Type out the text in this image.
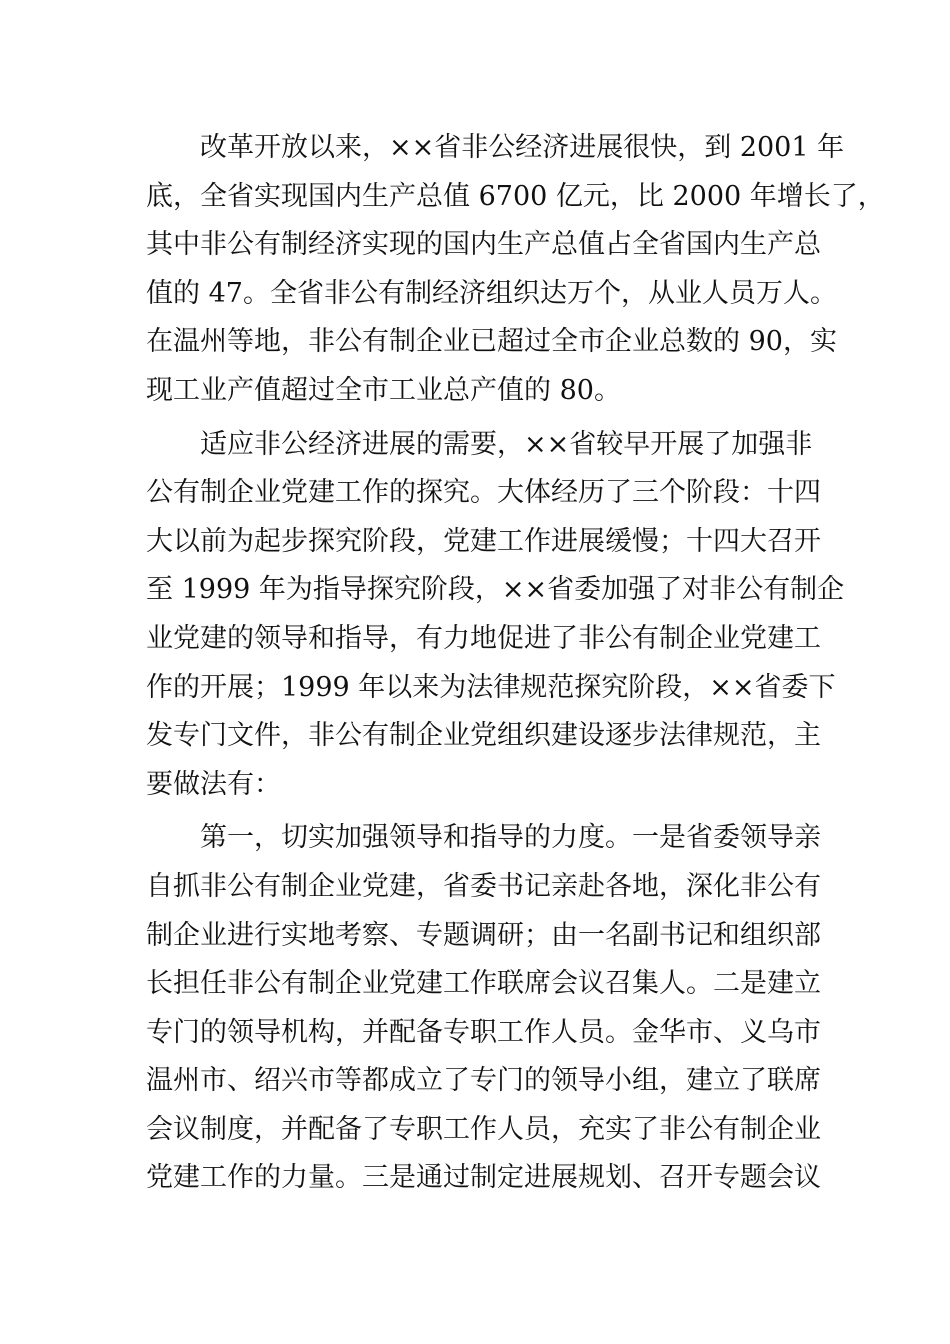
改革开放以来，××省非公经济进展很快，到 2001 年
底，全省实现国内生产总值 6700 亿元，比 2000 年增长了，
其中非公有制经济实现的国内生产总值占全省国内生产总
值的 47。全省非公有制经济组织达万个，从业人员万人。
在温州等地，非公有制企业已超过全市企业总数的 90，实
现工业产值超过全市工业总产值的 80。
适应非公经济进展的需要，××省较早开展了加强非
公有制企业党建工作的探究。大体经历了三个阶段：十四
大以前为起步探究阶段，党建工作进展缓慢；十四大召开
至 1999 年为指导探究阶段，××省委加强了对非公有制企
业党建的领导和指导，有力地促进了非公有制企业党建工
作的开展；1999 年以来为法律规范探究阶段，××省委下
发专门文件，非公有制企业党组织建设逐步法律规范，主
要做法有：
第一，切实加强领导和指导的力度。一是省委领导亲
自抓非公有制企业党建，省委书记亲赴各地，深化非公有
制企业进行实地考察、专题调研；由一名副书记和组织部
长担任非公有制企业党建工作联席会议召集人。二是建立
专门的领导机构，并配备专职工作人员。金华市、义乌市
温州市、绍兴市等都成立了专门的领导小组，建立了联席
会议制度，并配备了专职工作人员，充实了非公有制企业
党建工作的力量。三是通过制定进展规划、召开专题会议
